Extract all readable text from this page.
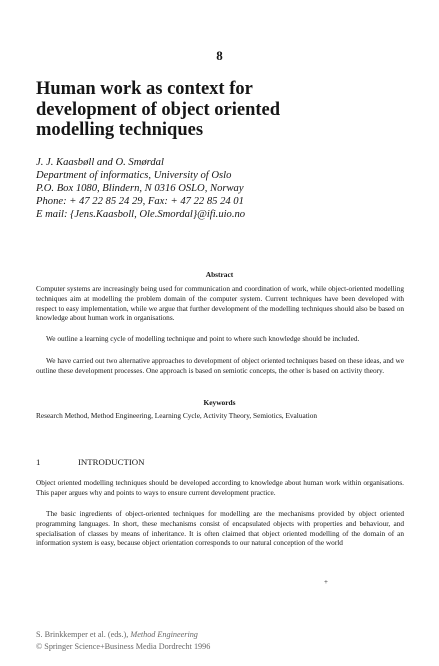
8
Human work as context for
development of object oriented
modelling techniques
J. J. Kaasbøll and O. Smørdal
Department of informatics, University of Oslo
P.O. Box 1080, Blindern, N 0316 OSLO, Norway
Phone: + 47 22 85 24 29, Fax: + 47 22 85 24 01
E mail: {Jens.Kaasboll, Ole.Smordal}@ifi.uio.no
Abstract
Computer systems are increasingly being used for communication and coordination of work, while object-oriented modelling techniques aim at modelling the problem domain of the computer system. Current techniques have been developed with respect to easy implementation, while we argue that further development of the modelling techniques should also be based on knowledge about human work in organisations.
We outline a learning cycle of modelling technique and point to where such knowledge should be included.
We have carried out two alternative approaches to development of object oriented techniques based on these ideas, and we outline these development processes. One approach is based on semiotic concepts, the other is based on activity theory.
Keywords
Research Method, Method Engineering, Learning Cycle, Activity Theory, Semiotics, Evaluation
1	INTRODUCTION
Object oriented modelling techniques should be developed according to knowledge about human work within organisations. This paper argues why and points to ways to ensure current development practice.
The basic ingredients of object-oriented techniques for modelling are the mechanisms provided by object oriented programming languages. In short, these mechanisms consist of encapsulated objects with properties and behaviour, and specialisation of classes by means of inheritance. It is often claimed that object oriented modelling of the domain of an information system is easy, because object orientation corresponds to our natural conception of the world
+
S. Brinkkemper et al. (eds.), Method Engineering
© Springer Science+Business Media Dordrecht 1996
